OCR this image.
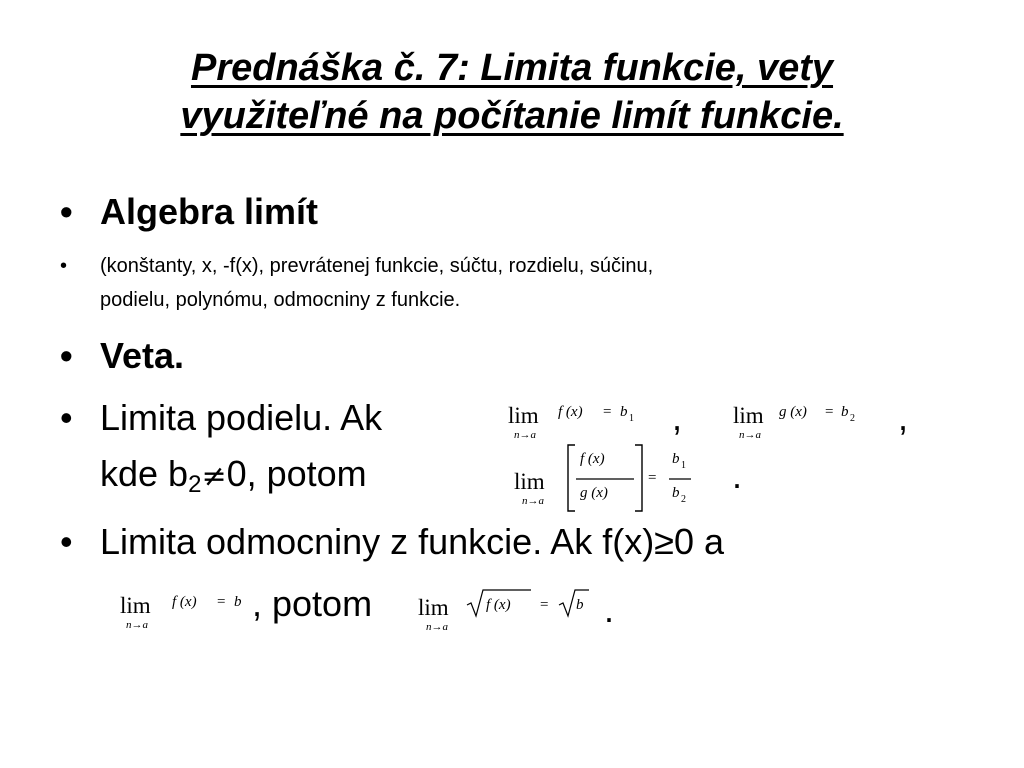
Prednáška č. 7: Limita funkcie, vety
využiteľné na počítanie limít funkcie.
• Algebra limít
• (konštanty, x, -f(x), prevrátenej funkcie, súčtu, rozdielu, súčinu,
podielu, polynómu, odmocniny z funkcie.
• Veta.
• Limita podielu. Ak	lim
n→a
f (x) = b 1 , lim
n→a
g (x) = b 2 ,
kde $b_2\ne 0$, potom	lim
n→a
f (x)
g (x)
=
b 1
b 2
.
• Limita odmocniny z funkcie. Ak f(x)≥0 a
lim
n→a
f (x) = b , potom lim
n→a
f (x) = b .
